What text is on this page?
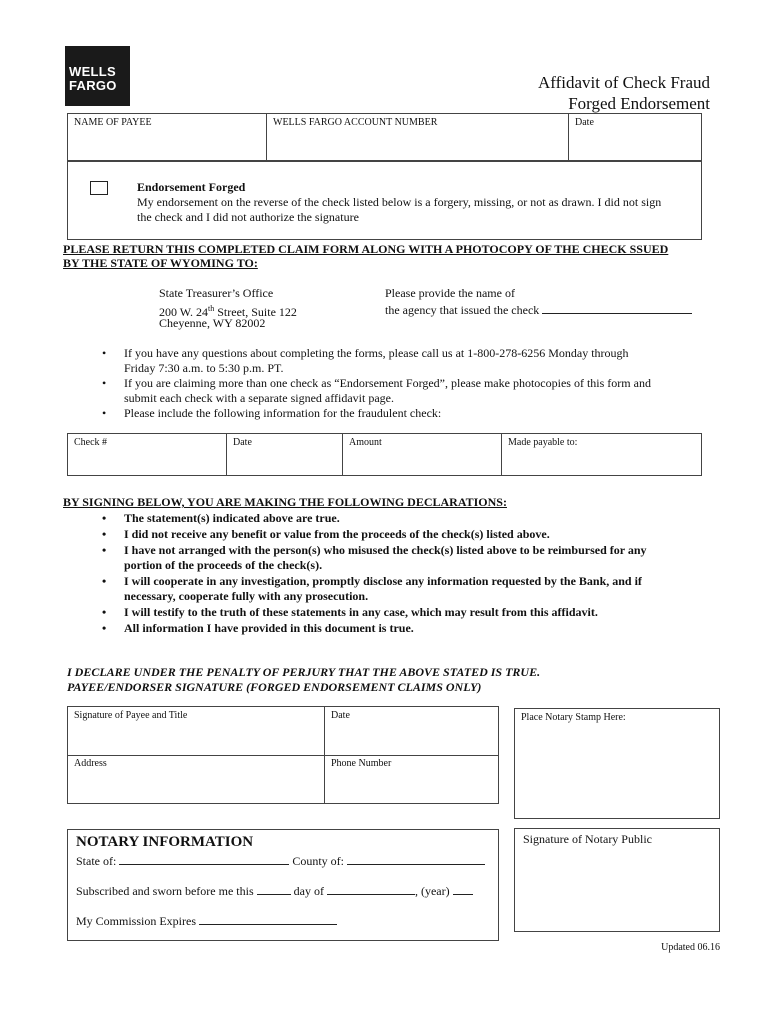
WELLS
FARGO	Affidavit of Check Fraud
Forged Endorsement
NAME OF PAYEE	WELLS FARGO ACCOUNT NUMBER	Date
Endorsement Forged
My endorsement on the reverse of the check listed below is a forgery, missing, or not as drawn. I did not sign
the check and I did not authorize the signature
PLEASE RETURN THIS COMPLETED CLAIM FORM ALONG WITH A PHOTOCOPY OF THE CHECK SSUED
BY THE STATE OF WYOMING TO:
State Treasurer’s Office
200 W. 24th Street, Suite 122
Cheyenne, WY 82002
Please provide the name of
the agency that issued the check
• If you have any questions about completing the forms, please call us at 1-800-278-6256 Monday through
Friday 7:30 a.m. to 5:30 p.m. PT.
• If you are claiming more than one check as “Endorsement Forged”, please make photocopies of this form and
submit each check with a separate signed affidavit page.
• Please include the following information for the fraudulent check:
Check #	Date	Amount	Made payable to:
BY SIGNING BELOW, YOU ARE MAKING THE FOLLOWING DECLARATIONS:
• The statement(s) indicated above are true.
• I did not receive any benefit or value from the proceeds of the check(s) listed above.
• I have not arranged with the person(s) who misused the check(s) listed above to be reimbursed for any
portion of the proceeds of the check(s).
• I will cooperate in any investigation, promptly disclose any information requested by the Bank, and if
necessary, cooperate fully with any prosecution.
• I will testify to the truth of these statements in any case, which may result from this affidavit.
• All information I have provided in this document is true.
I DECLARE UNDER THE PENALTY OF PERJURY THAT THE ABOVE STATED IS TRUE.
PAYEE/ENDORSER SIGNATURE (FORGED ENDORSEMENT CLAIMS ONLY)
Signature of Payee and Title	Date
Address	Phone Number
Place Notary Stamp Here:
NOTARY INFORMATION
State of:	County of:
Subscribed and sworn before me this	day of	, (year)
My Commission Expires
Signature of Notary Public
Updated 06.16
